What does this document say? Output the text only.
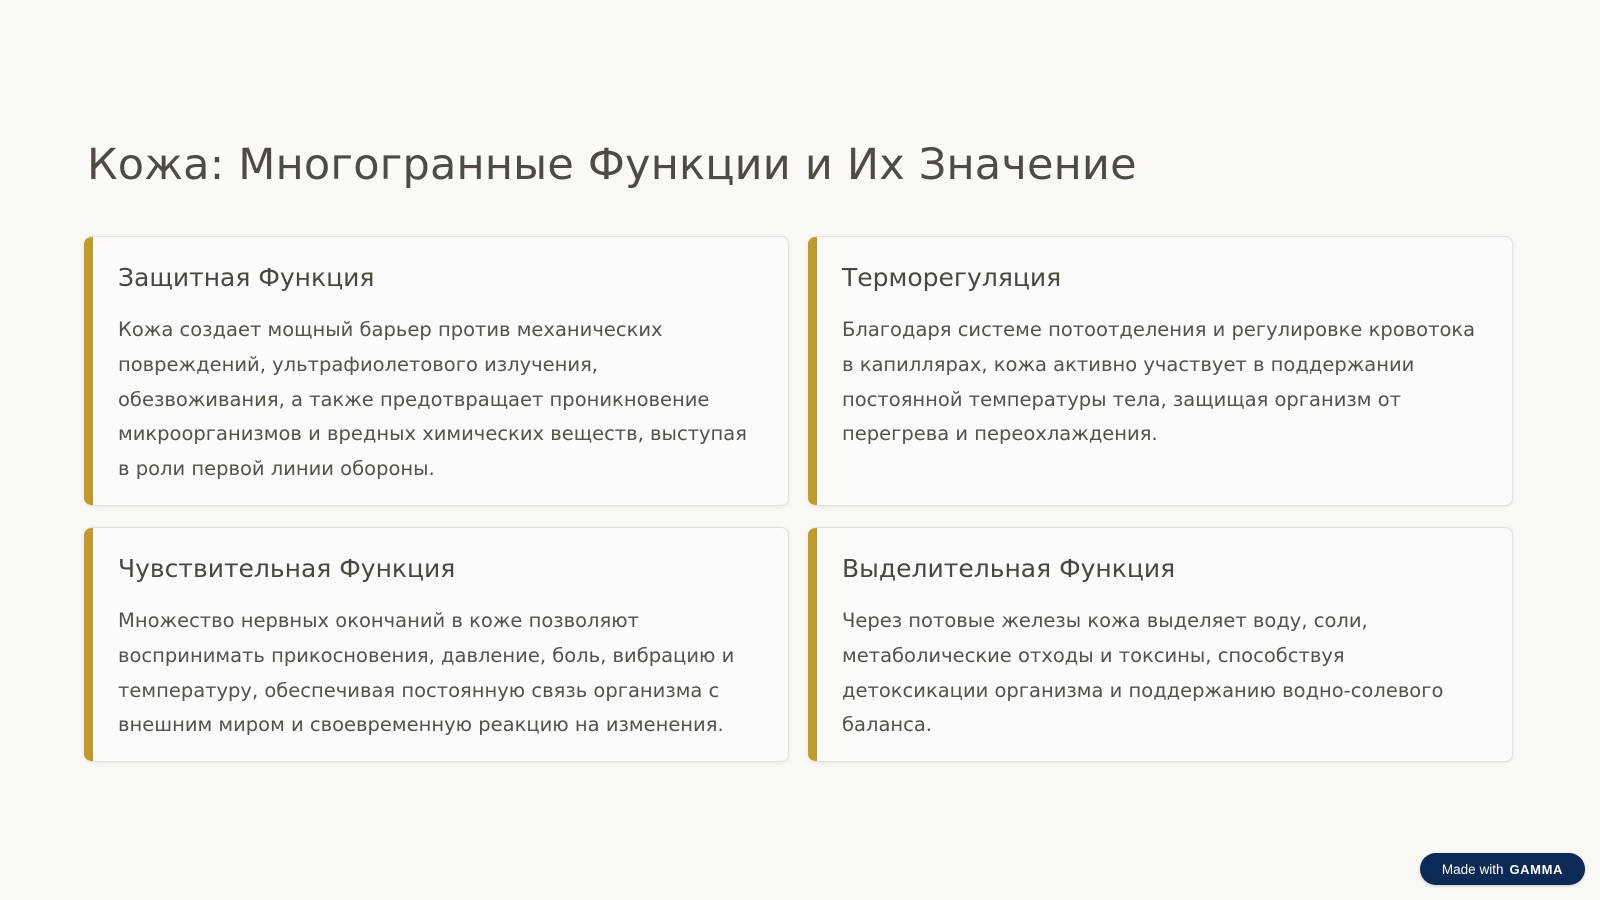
Кожа: Многогранные Функции и Их Значение
Защитная Функция

Кожа создает мощный барьер против механических повреждений, ультрафиолетового излучения, обезвоживания, а также предотвращает проникновение микроорганизмов и вредных химических веществ, выступая в роли первой линии обороны.

Терморегуляция

Благодаря системе потоотделения и регулировке кровотока в капиллярах, кожа активно участвует в поддержании постоянной температуры тела, защищая организм от перегрева и переохлаждения.

Чувствительная Функция

Множество нервных окончаний в коже позволяют воспринимать прикосновения, давление, боль, вибрацию и температуру, обеспечивая постоянную связь организма с внешним миром и своевременную реакцию на изменения.

Выделительная Функция

Через потовые железы кожа выделяет воду, соли, метаболические отходы и токсины, способствуя детоксикации организма и поддержанию водно-солевого баланса.

Made with GAMMA
